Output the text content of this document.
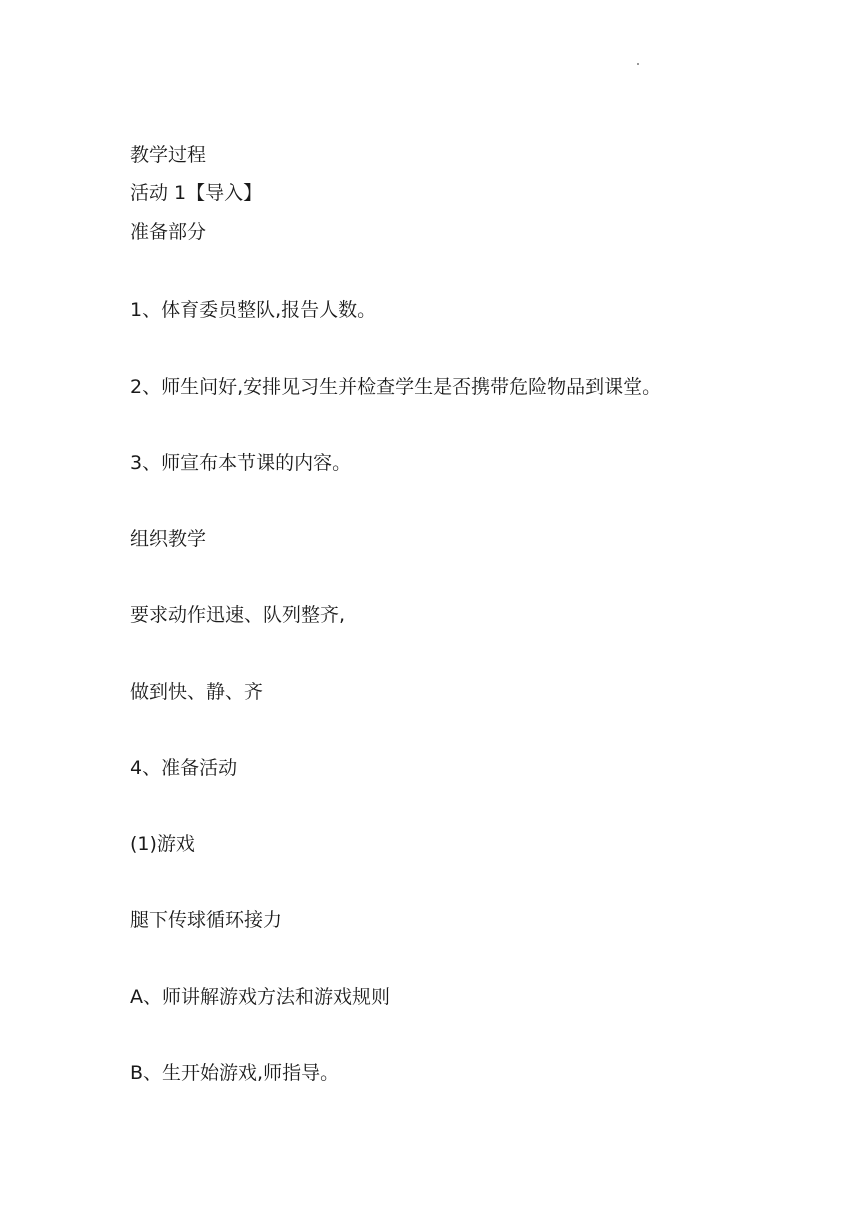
教学过程
活动 1【导入】
准备部分
1、体育委员整队,报告人数。
2、师生问好,安排见习生并检查学生是否携带危险物品到课堂。
3、师宣布本节课的内容。
组织教学
要求动作迅速、队列整齐,
做到快、静、齐
4、准备活动
(1)游戏
腿下传球循环接力
A、师讲解游戏方法和游戏规则
B、生开始游戏,师指导。
